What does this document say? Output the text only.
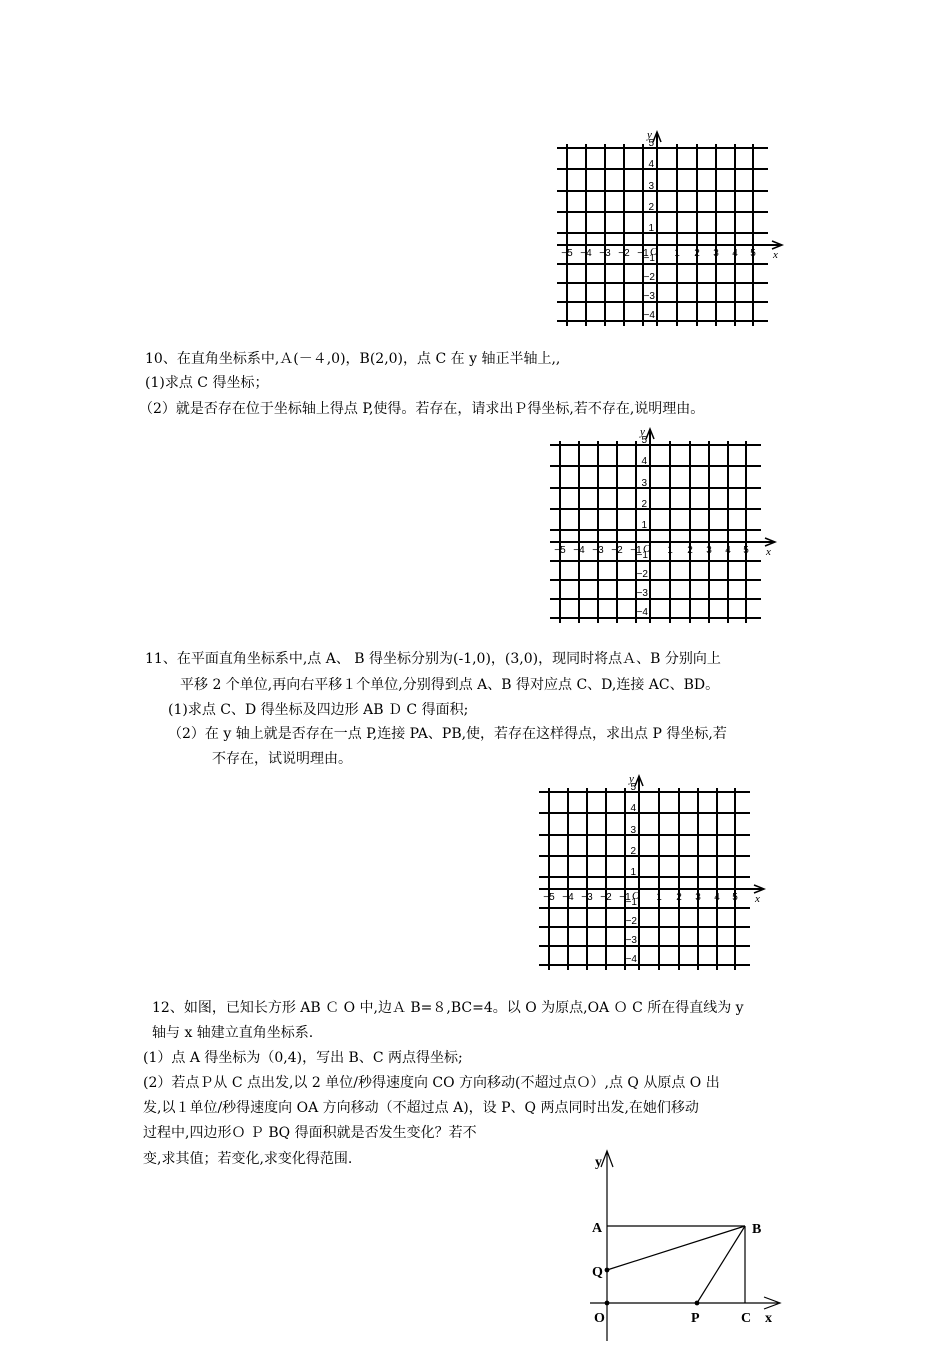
−5 −4 −3 −2 −1	1 2 3 4 5
5
4
3
2
1
−1
−2
−3
−4
O	x
y

10、在直角坐标系中,Ａ(－４,0)，B(2,0)，点 C 在 y 轴正半轴上,,

(1)求点 C 得坐标；

（2）就是否存在位于坐标轴上得点 P,使得。若存在，请求出Ｐ得坐标,若不存在,说明理由。

−5 −4 −3 −2 −1	1 2 3 4 5
5
4
3
2
1
−1
−2
−3
−4
O	x
y

11、在平面直角坐标系中,点 A、 B 得坐标分别为(-1,0)，(3,0)，现同时将点Ａ、B 分别向上

平移 2 个单位,再向右平移１个单位,分别得到点 A、B 得对应点 C、D,连接 AC、BD。

(1)求点 C、D 得坐标及四边形 AB Ｄ C 得面积;

（2）在 y 轴上就是否存在一点 P,连接 PA、PB,使，若存在这样得点，求出点 P 得坐标,若

不存在，试说明理由。

−5 −4 −3 −2 −1	1 2 3 4 5
5
4
3
2
1
−1
−2
−3
−4
O	x
y

12、如图，已知长方形 AB Ｃ O 中,边Ａ B=８,BC=4。以 O 为原点,OA Ｏ C 所在得直线为 y

轴与 x 轴建立直角坐标系.

(1）点 A 得坐标为（0,4)，写出 B、C 两点得坐标;

(2）若点Ｐ从 C 点出发,以 2 单位/秒得速度向 CO 方向移动(不超过点Ｏ）,点 Q 从原点 O 出

发,以１单位/秒得速度向 OA 方向移动（不超过点 A)，设 P、Q 两点同时出发,在她们移动

过程中,四边形Ｏ Ｐ BQ 得面积就是否发生变化？若不

变,求其值；若变化,求变化得范围.	y
A	B
Q
O	P	C x
